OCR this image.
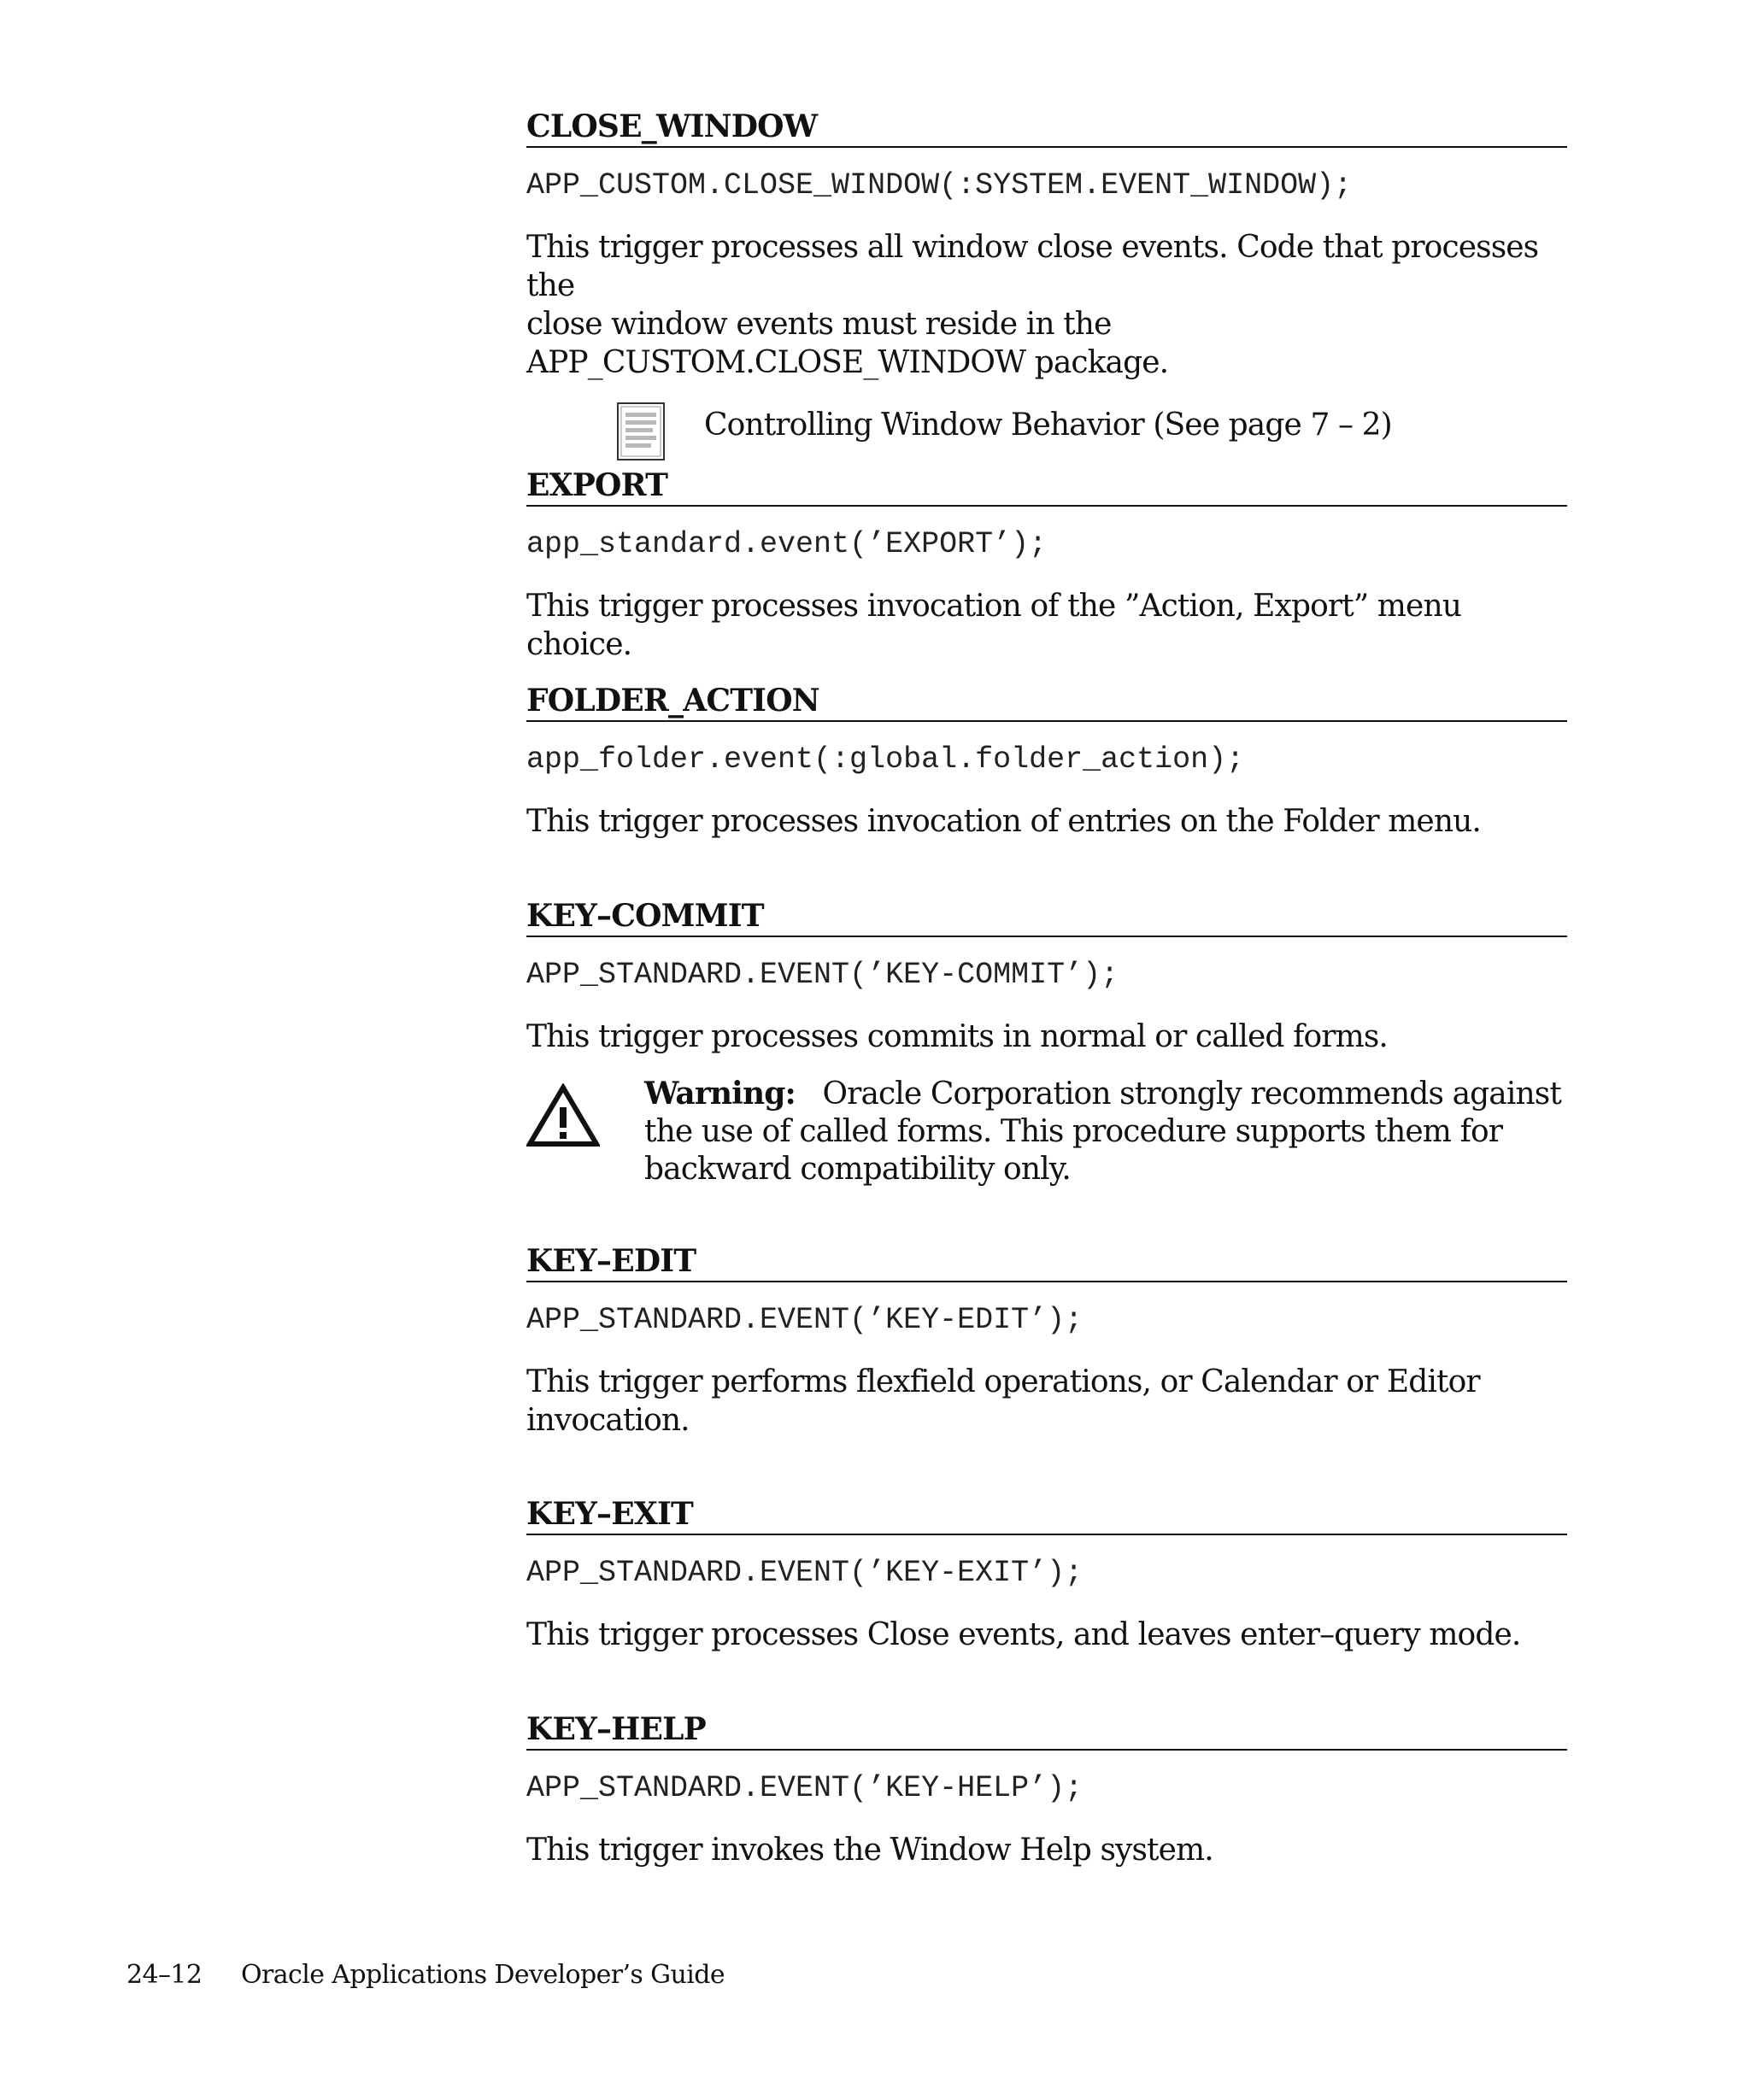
CLOSE_WINDOW
APP_CUSTOM.CLOSE_WINDOW(:SYSTEM.EVENT_WINDOW);
This trigger processes all window close events. Code that processes the
close window events must reside in the
APP_CUSTOM.CLOSE_WINDOW package.
Controlling Window Behavior (See page 7 – 2)
EXPORT
app_standard.event(’EXPORT’);
This trigger processes invocation of the ”Action, Export” menu choice.
FOLDER_ACTION
app_folder.event(:global.folder_action);
This trigger processes invocation of entries on the Folder menu.
KEY–COMMIT
APP_STANDARD.EVENT(’KEY-COMMIT’);
This trigger processes commits in normal or called forms.
Warning: Oracle Corporation strongly recommends against
the use of called forms. This procedure supports them for
backward compatibility only.
KEY–EDIT
APP_STANDARD.EVENT(’KEY-EDIT’);
This trigger performs flexfield operations, or Calendar or Editor
invocation.
KEY–EXIT
APP_STANDARD.EVENT(’KEY-EXIT’);
This trigger processes Close events, and leaves enter–query mode.
KEY–HELP
APP_STANDARD.EVENT(’KEY-HELP’);
This trigger invokes the Window Help system.
24–12 Oracle Applications Developer’s Guide
